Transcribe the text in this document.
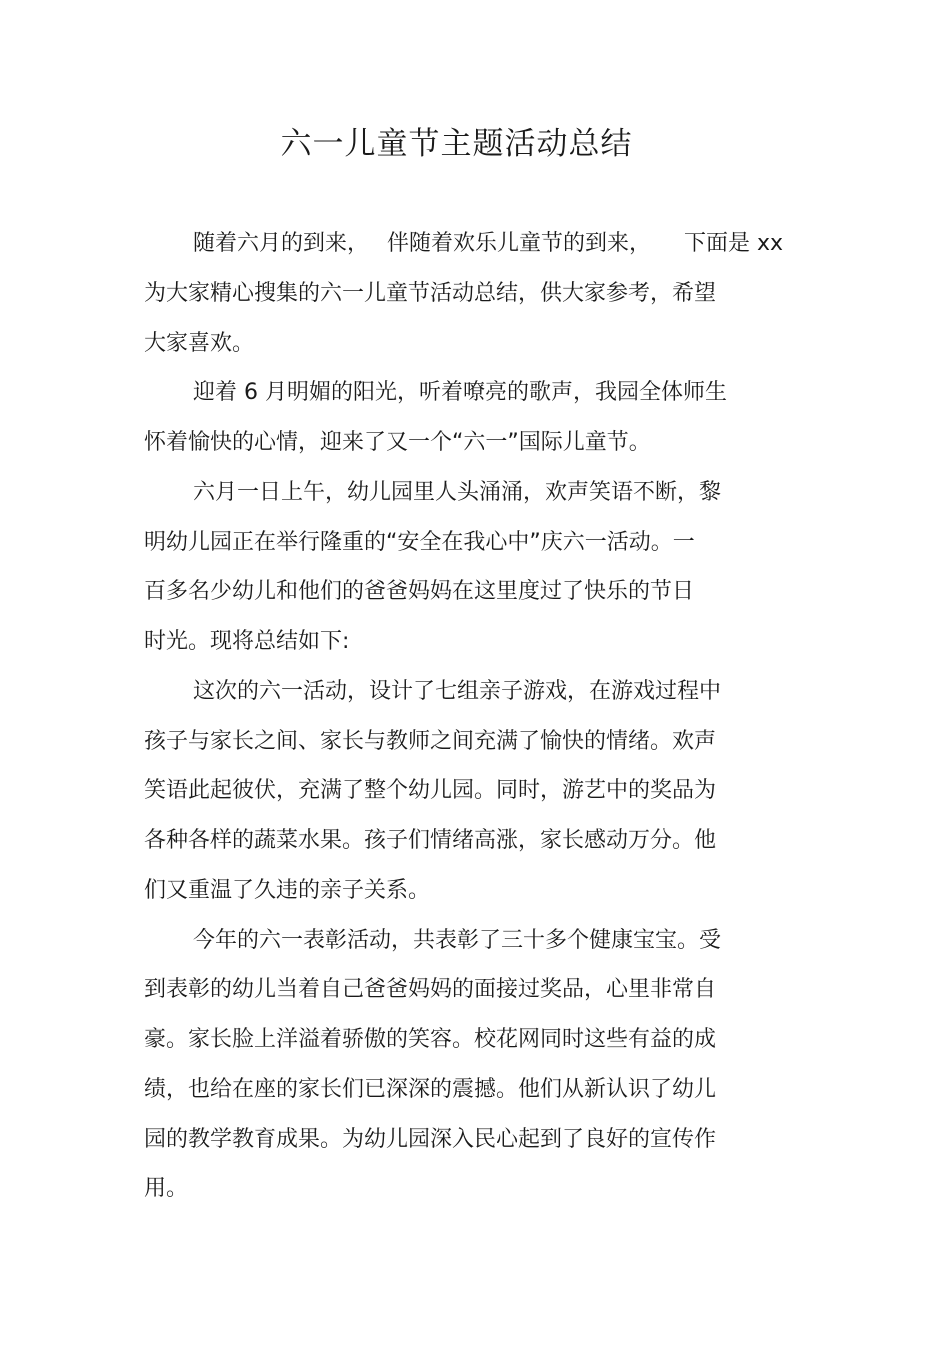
六一儿童节主题活动总结

随着六月的到来，　 伴随着欢乐儿童节的到来，　　下面是 xx

为大家精心搜集的六一儿童节活动总结，供大家参考，希望

大家喜欢。

迎着 6 月明媚的阳光，听着嘹亮的歌声，我园全体师生

怀着愉快的心情，迎来了又一个“六一”国际儿童节。

六月一日上午，幼儿园里人头涌涌，欢声笑语不断，黎

明幼儿园正在举行隆重的“安全在我心中”庆六一活动。一

百多名少幼儿和他们的爸爸妈妈在这里度过了快乐的节日

时光。现将总结如下:

这次的六一活动，设计了七组亲子游戏，在游戏过程中

孩子与家长之间、家长与教师之间充满了愉快的情绪。欢声

笑语此起彼伏，充满了整个幼儿园。同时，游艺中的奖品为

各种各样的蔬菜水果。孩子们情绪高涨，家长感动万分。他

们又重温了久违的亲子关系。

今年的六一表彰活动，共表彰了三十多个健康宝宝。受

到表彰的幼儿当着自己爸爸妈妈的面接过奖品，心里非常自

豪。家长脸上洋溢着骄傲的笑容。校花网同时这些有益的成

绩，也给在座的家长们已深深的震撼。他们从新认识了幼儿

园的教学教育成果。为幼儿园深入民心起到了良好的宣传作

用。
